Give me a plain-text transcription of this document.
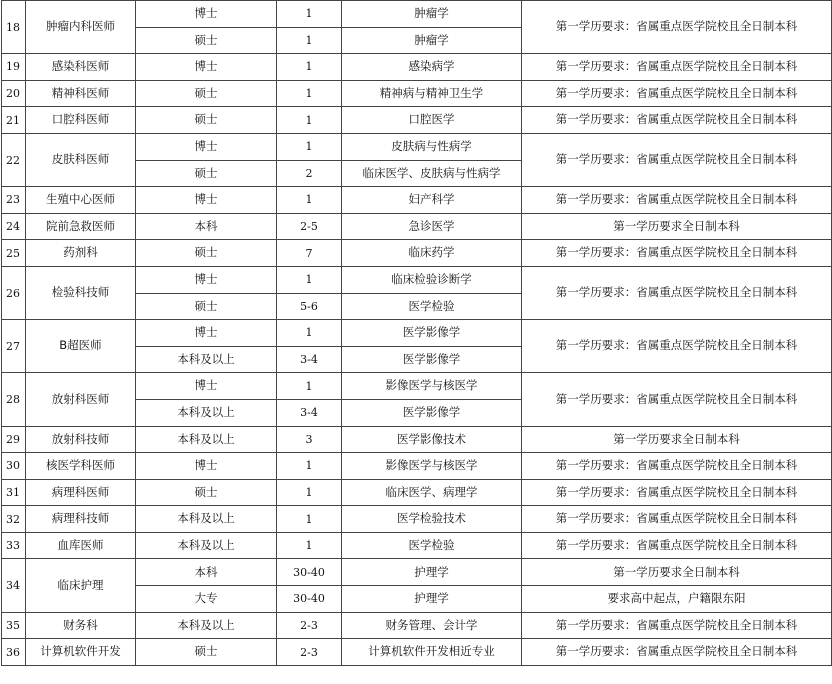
18	肿瘤内科医师	博士	1	肿瘤学	第一学历要求：省属重点医学院校且全日制本科
		硕士	1	肿瘤学	
19	感染科医师	博士	1	感染病学	第一学历要求：省属重点医学院校且全日制本科
20	精神科医师	硕士	1	精神病与精神卫生学	第一学历要求：省属重点医学院校且全日制本科
21	口腔科医师	硕士	1	口腔医学	第一学历要求：省属重点医学院校且全日制本科
22	皮肤科医师	博士	1	皮肤病与性病学	第一学历要求：省属重点医学院校且全日制本科
		硕士	2	临床医学、皮肤病与性病学	
23	生殖中心医师	博士	1	妇产科学	第一学历要求：省属重点医学院校且全日制本科
24	院前急救医师	本科	2-5	急诊医学	第一学历要求全日制本科
25	药剂科	硕士	7	临床药学	第一学历要求：省属重点医学院校且全日制本科
26	检验科技师	博士	1	临床检验诊断学	第一学历要求：省属重点医学院校且全日制本科
		硕士	5-6	医学检验	
27	B超医师	博士	1	医学影像学	第一学历要求：省属重点医学院校且全日制本科
		本科及以上	3-4	医学影像学	
28	放射科医师	博士	1	影像医学与核医学	第一学历要求：省属重点医学院校且全日制本科
		本科及以上	3-4	医学影像学	
29	放射科技师	本科及以上	3	医学影像技术	第一学历要求全日制本科
30	核医学科医师	博士	1	影像医学与核医学	第一学历要求：省属重点医学院校且全日制本科
31	病理科医师	硕士	1	临床医学、病理学	第一学历要求：省属重点医学院校且全日制本科
32	病理科技师	本科及以上	1	医学检验技术	第一学历要求：省属重点医学院校且全日制本科
33	血库医师	本科及以上	1	医学检验	第一学历要求：省属重点医学院校且全日制本科
34	临床护理	本科	30-40	护理学	第一学历要求全日制本科
		大专	30-40	护理学	要求高中起点，户籍限东阳
35	财务科	本科及以上	2-3	财务管理、会计学	第一学历要求：省属重点医学院校且全日制本科
36	计算机软件开发	硕士	2-3	计算机软件开发相近专业	第一学历要求：省属重点医学院校且全日制本科
